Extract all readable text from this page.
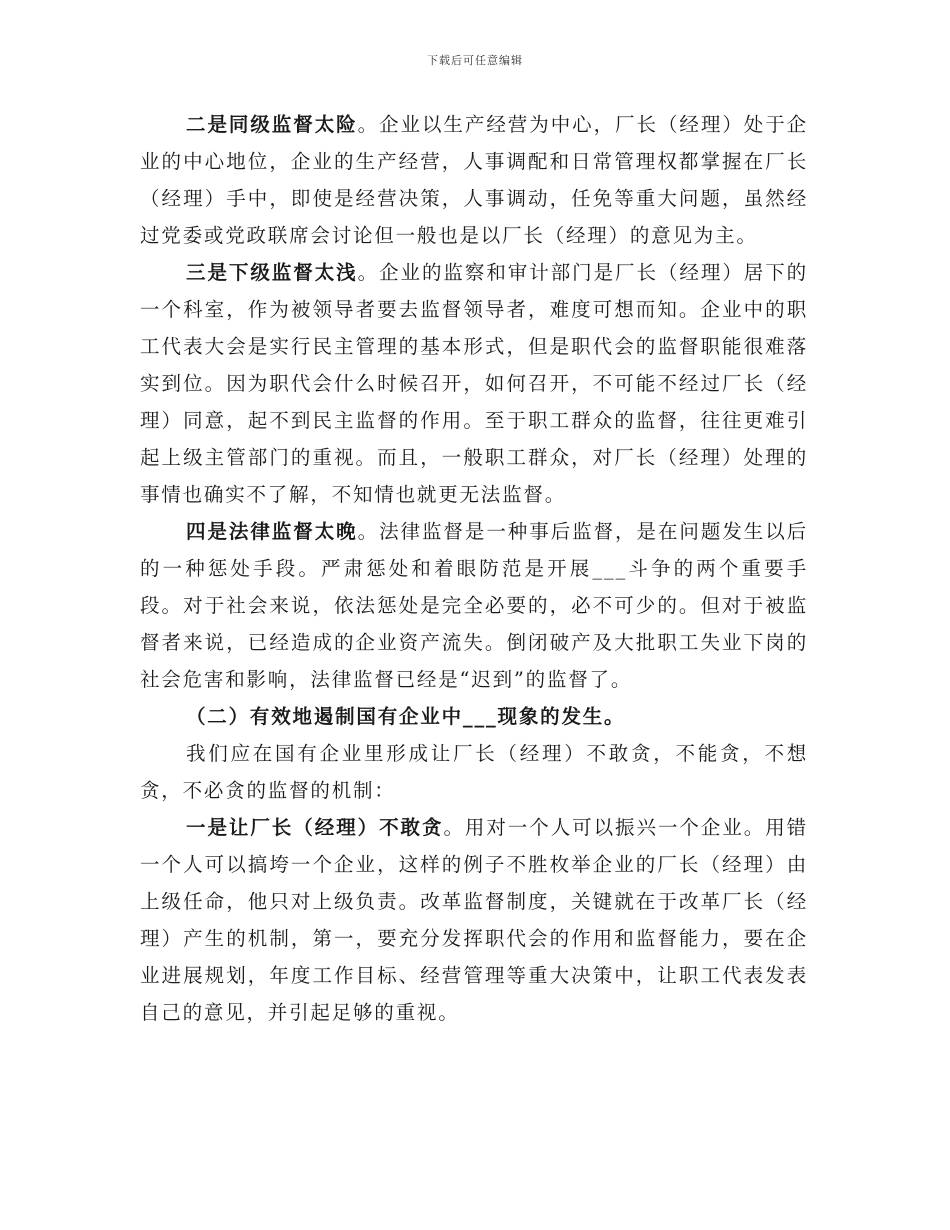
下载后可任意编辑

二是同级监督太险。企业以生产经营为中心，厂长（经理）处于企业的中心地位，企业的生产经营，人事调配和日常管理权都掌握在厂长（经理）手中，即使是经营决策，人事调动，任免等重大问题，虽然经过党委或党政联席会讨论但一般也是以厂长（经理）的意见为主。

三是下级监督太浅。企业的监察和审计部门是厂长（经理）居下的一个科室，作为被领导者要去监督领导者，难度可想而知。企业中的职工代表大会是实行民主管理的基本形式，但是职代会的监督职能很难落实到位。因为职代会什么时候召开，如何召开，不可能不经过厂长（经理）同意，起不到民主监督的作用。至于职工群众的监督，往往更难引起上级主管部门的重视。而且，一般职工群众，对厂长（经理）处理的事情也确实不了解，不知情也就更无法监督。

四是法律监督太晚。法律监督是一种事后监督，是在问题发生以后的一种惩处手段。严肃惩处和着眼防范是开展___斗争的两个重要手段。对于社会来说，依法惩处是完全必要的，必不可少的。但对于被监督者来说，已经造成的企业资产流失。倒闭破产及大批职工失业下岗的社会危害和影响，法律监督已经是“迟到”的监督了。

（二）有效地遏制国有企业中___现象的发生。

我们应在国有企业里形成让厂长（经理）不敢贪，不能贪，不想贪，不必贪的监督的机制：

一是让厂长（经理）不敢贪。用对一个人可以振兴一个企业。用错一个人可以搞垮一个企业，这样的例子不胜枚举企业的厂长（经理）由上级任命，他只对上级负责。改革监督制度，关键就在于改革厂长（经理）产生的机制，第一，要充分发挥职代会的作用和监督能力，要在企业进展规划，年度工作目标、经营管理等重大决策中，让职工代表发表自己的意见，并引起足够的重视。
